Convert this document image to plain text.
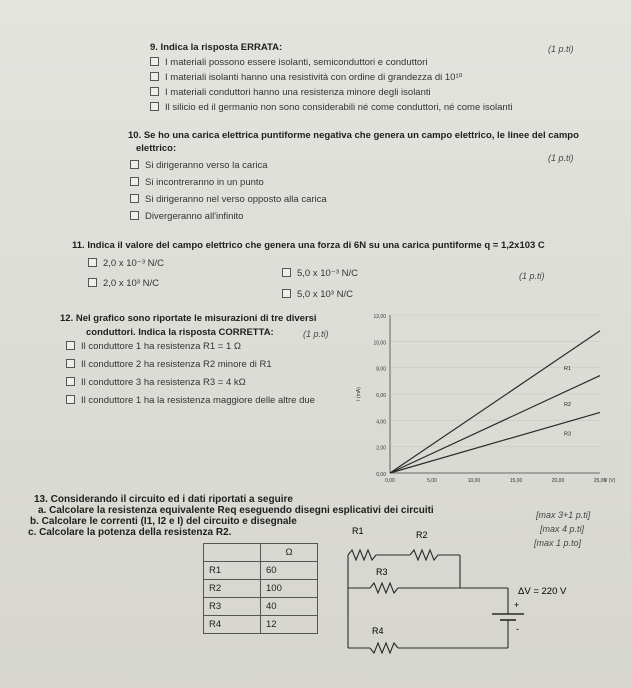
9. Indica la risposta ERRATA:	(1 p.ti)
I materiali possono essere isolanti, semiconduttori e conduttori
I materiali isolanti hanno una resistività con ordine di grandezza di 10¹⁰
I materiali conduttori hanno una resistenza minore degli isolanti
Il silicio ed il germanio non sono considerabili né come conduttori, né come isolanti
10. Se ho una carica elettrica puntiforme negativa che genera un campo elettrico, le linee del campo
elettrico:
(1 p.ti)
Si dirigeranno verso la carica
Si incontreranno in un punto
Si dirigeranno nel verso opposto alla carica
Divergeranno all'infinito
11. Indica il valore del campo elettrico che genera una forza di 6N su una carica puntiforme q = 1,2x103 C
2,0 x 10⁻³ N/C
5,0 x 10⁻³ N/C	(1 p.ti)
2,0 x 10³ N/C
5,0 x 10³ N/C
12. Nel grafico sono riportate le misurazioni di tre diversi
conduttori. Indica la risposta CORRETTA:	(1 p.ti)
Il conduttore 1 ha resistenza R1 = 1 Ω
Il conduttore 2 ha resistenza R2 minore di R1
Il conduttore 3 ha resistenza R3 = 4 kΩ
Il conduttore 1 ha la resistenza maggiore delle altre due
0,00
2,00
4,00
6,00
8,00
10,00
12,00
0,00	5,00	10,00	15,00	20,00	25,00
V (V)
I (mA)
R1
R2
R3
13. Considerando il circuito ed i dati riportati a seguire
a. Calcolare la resistenza equivalente Req eseguendo disegni esplicativi dei circuiti
b. Calcolare le correnti (I1, I2 e I) del circuito e disegnale
c. Calcolare la potenza della resistenza R2.
[max 3+1 p.ti]
[max 4 p.ti]
[max 1 p.to]
	Ω
R1	60
R2	100
R3	40
R4	12
R1	R2
R3
R4
ΔV = 220 V
+
-
